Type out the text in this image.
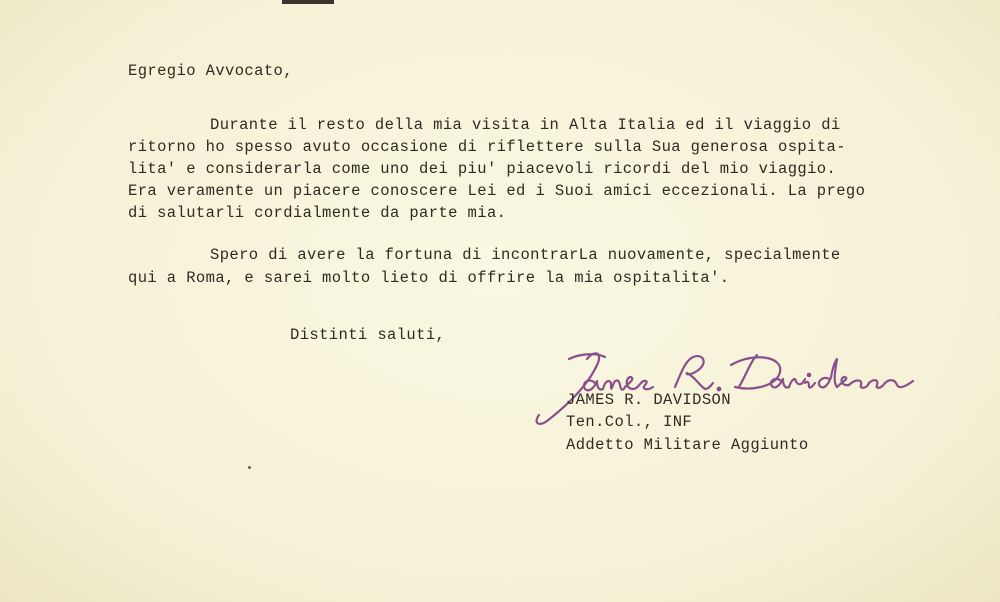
Egregio Avvocato,
Durante il resto della mia visita in Alta Italia ed il viaggio di
ritorno ho spesso avuto occasione di riflettere sulla Sua generosa ospita-
lita' e considerarla come uno dei piu' piacevoli ricordi del mio viaggio.
Era veramente un piacere conoscere Lei ed i Suoi amici eccezionali. La prego
di salutarli cordialmente da parte mia.
Spero di avere la fortuna di incontrarLa nuovamente, specialmente
qui a Roma, e sarei molto lieto di offrire la mia ospitalita'.
Distinti saluti,
JAMES R. DAVIDSON
Ten.Col., INF
Addetto Militare Aggiunto
